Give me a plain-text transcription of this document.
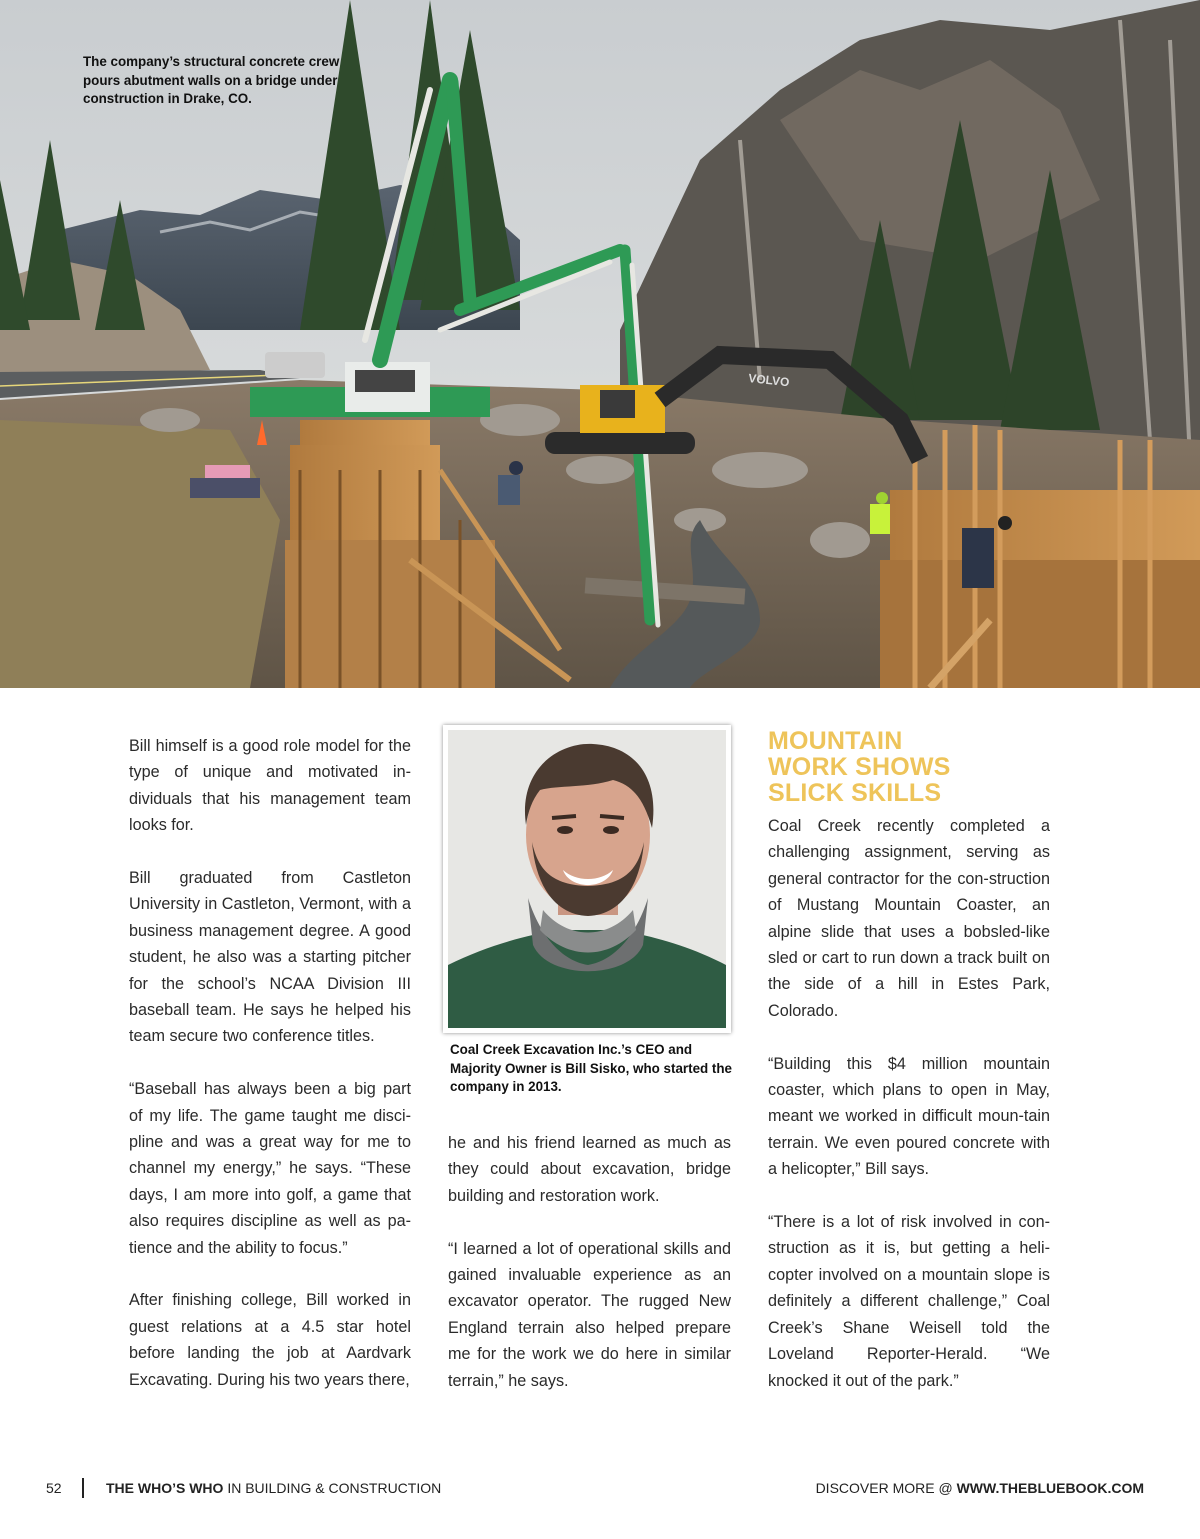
VOLVO
The company’s structural concrete crew pours abutment walls on a bridge under construction in Drake, CO.

Bill himself is a good role model for the type of unique and motivated in-dividuals that his management team looks for.

Bill graduated from Castleton University in Castleton, Vermont, with a business management degree. A good student, he also was a starting pitcher for the school’s NCAA Division III baseball team. He says he helped his team secure two conference titles.

“Baseball has always been a big part of my life. The game taught me disci-pline and was a great way for me to channel my energy,” he says. “These days, I am more into golf, a game that also requires discipline as well as pa-tience and the ability to focus.”

After finishing college, Bill worked in guest relations at a 4.5 star hotel before landing the job at Aardvark Excavating. During his two years there,

Coal Creek Excavation Inc.’s CEO and Majority Owner is Bill Sisko, who started the company in 2013.

he and his friend learned as much as they could about excavation, bridge building and restoration work.

“I learned a lot of operational skills and gained invaluable experience as an excavator operator. The rugged New England terrain also helped prepare me for the work we do here in similar terrain,” he says.

MOUNTAIN
WORK SHOWS
SLICK SKILLS

Coal Creek recently completed a challenging assignment, serving as general contractor for the con-struction of Mustang Mountain Coaster, an alpine slide that uses a bobsled-like sled or cart to run down a track built on the side of a hill in Estes Park, Colorado.

“Building this $4 million mountain coaster, which plans to open in May, meant we worked in difficult moun-tain terrain. We even poured concrete with a helicopter,” Bill says.

“There is a lot of risk involved in con-struction as it is, but getting a heli-copter involved on a mountain slope is definitely a different challenge,” Coal Creek’s Shane Weisell told the Loveland Reporter-Herald. “We knocked it out of the park.”

52	THE WHO’S WHO IN BUILDING & CONSTRUCTION	DISCOVER MORE @ WWW.THEBLUEBOOK.COM
